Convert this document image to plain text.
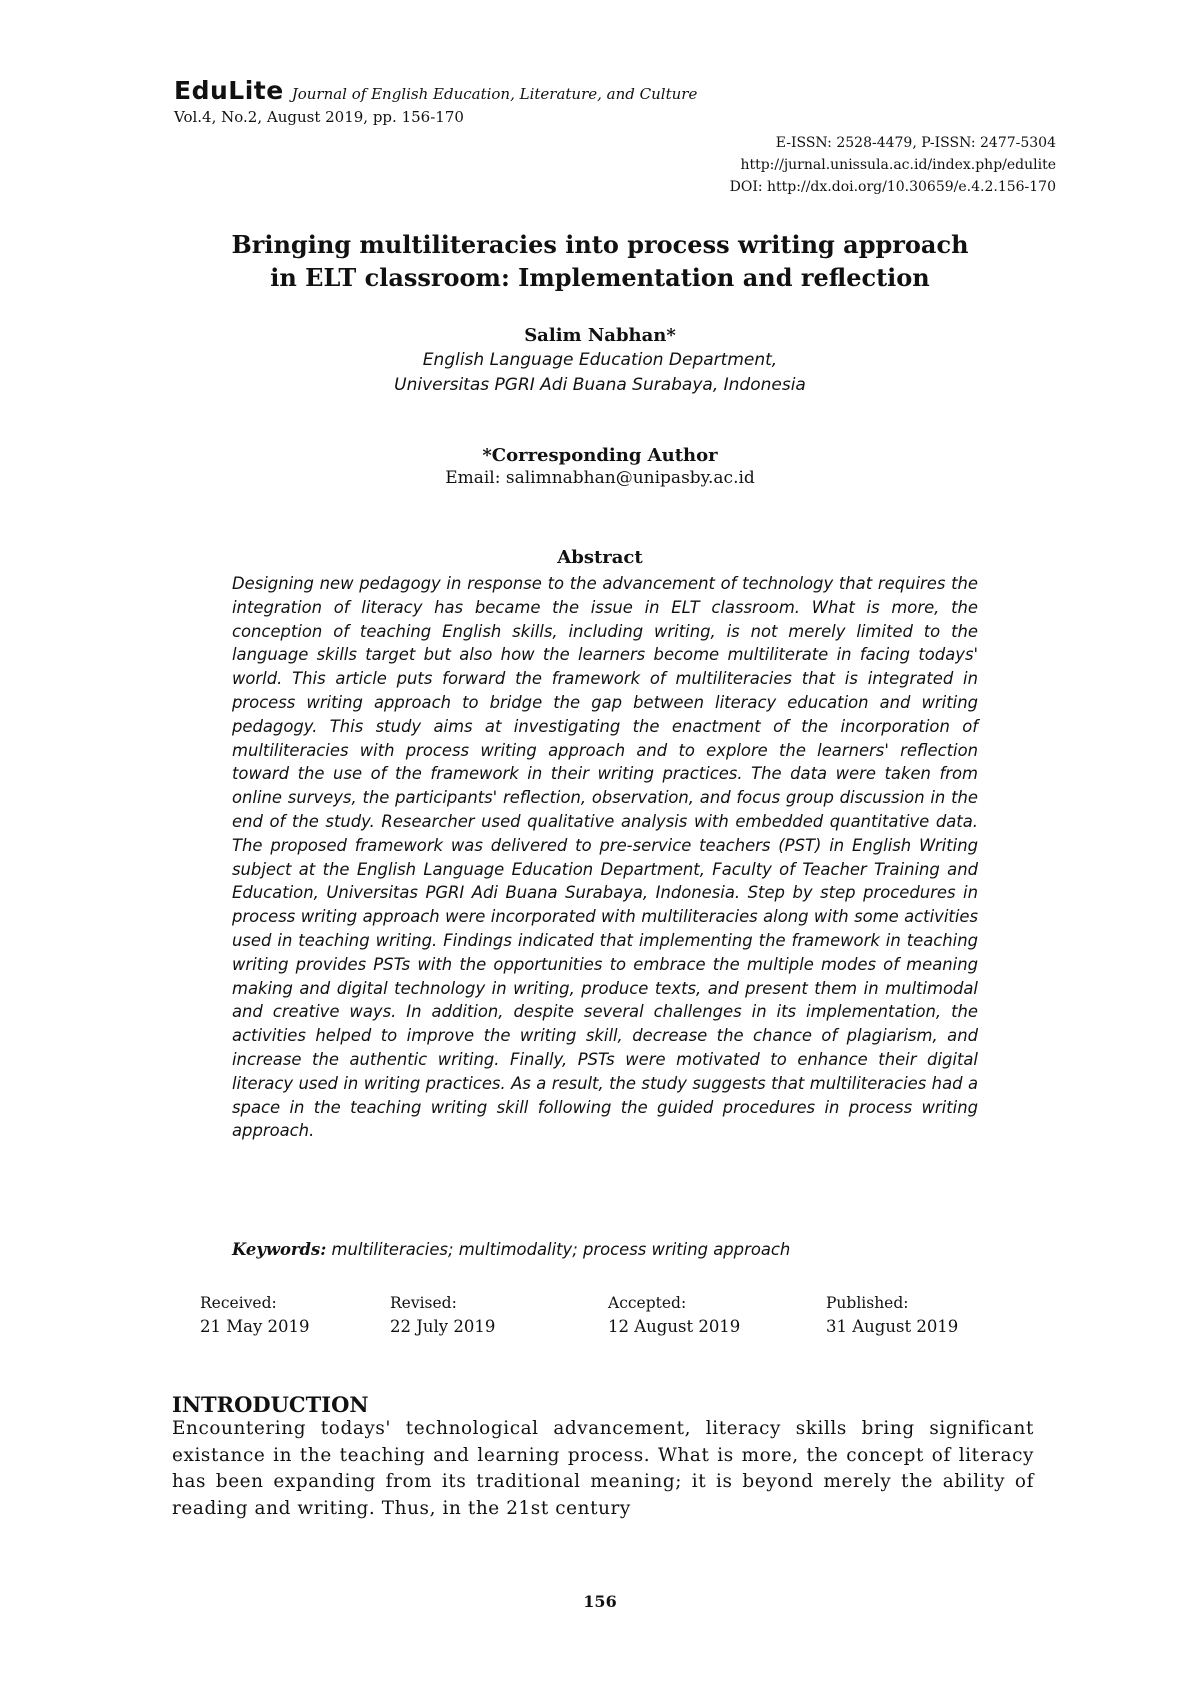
EduLite Journal of English Education, Literature, and Culture
Vol.4, No.2, August 2019, pp. 156-170
E-ISSN: 2528-4479, P-ISSN: 2477-5304
http://jurnal.unissula.ac.id/index.php/edulite
DOI: http://dx.doi.org/10.30659/e.4.2.156-170
Bringing multiliteracies into process writing approach
in ELT classroom: Implementation and reflection
Salim Nabhan*
English Language Education Department,
Universitas PGRI Adi Buana Surabaya, Indonesia
*Corresponding Author
Email: salimnabhan@unipasby.ac.id
Abstract

Designing new pedagogy in response to the advancement of technology that requires the integration of literacy has became the issue in ELT classroom. What is more, the conception of teaching English skills, including writing, is not merely limited to the language skills target but also how the learners become multiliterate in facing todays' world. This article puts forward the framework of multiliteracies that is integrated in process writing approach to bridge the gap between literacy education and writing pedagogy. This study aims at investigating the enactment of the incorporation of multiliteracies with process writing approach and to explore the learners' reflection toward the use of the framework in their writing practices. The data were taken from online surveys, the participants' reflection, observation, and focus group discussion in the end of the study. Researcher used qualitative analysis with embedded quantitative data. The proposed framework was delivered to pre-service teachers (PST) in English Writing subject at the English Language Education Department, Faculty of Teacher Training and Education, Universitas PGRI Adi Buana Surabaya, Indonesia. Step by step procedures in process writing approach were incorporated with multiliteracies along with some activities used in teaching writing. Findings indicated that implementing the framework in teaching writing provides PSTs with the opportunities to embrace the multiple modes of meaning making and digital technology in writing, produce texts, and present them in multimodal and creative ways. In addition, despite several challenges in its implementation, the activities helped to improve the writing skill, decrease the chance of plagiarism, and increase the authentic writing. Finally, PSTs were motivated to enhance their digital literacy used in writing practices. As a result, the study suggests that multiliteracies had a space in the teaching writing skill following the guided procedures in process writing approach.

Keywords: multiliteracies; multimodality; process writing approach
Received:
21 May 2019
Revised:
22 July 2019
Accepted:
12 August 2019
Published:
31 August 2019
INTRODUCTION

Encountering todays' technological advancement, literacy skills bring significant existance in the teaching and learning process. What is more, the concept of literacy has been expanding from its traditional meaning; it is beyond merely the ability of reading and writing. Thus, in the 21st century

156
